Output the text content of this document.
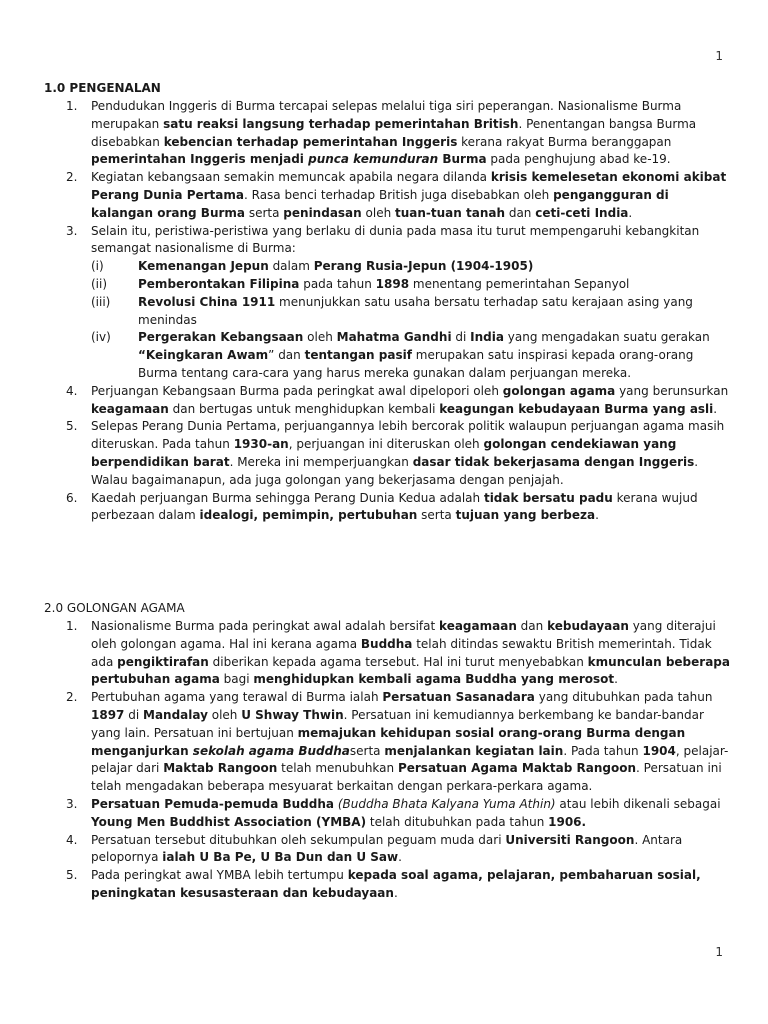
1
1.0 PENGENALAN
1. Pendudukan Inggeris di Burma tercapai selepas melalui tiga siri peperangan. Nasionalisme Burma merupakan satu reaksi langsung terhadap pemerintahan British. Penentangan bangsa Burma disebabkan kebencian terhadap pemerintahan Inggeris kerana rakyat Burma beranggapan pemerintahan Inggeris menjadi punca kemunduran Burma pada penghujung abad ke-19.
2. Kegiatan kebangsaan semakin memuncak apabila negara dilanda krisis kemelesetan ekonomi akibat Perang Dunia Pertama. Rasa benci terhadap British juga disebabkan oleh pengangguran di kalangan orang Burma serta penindasan oleh tuan-tuan tanah dan ceti-ceti India.
3. Selain itu, peristiwa-peristiwa yang berlaku di dunia pada masa itu turut mempengaruhi kebangkitan semangat nasionalisme di Burma:
(i)	Kemenangan Jepun dalam Perang Rusia-Jepun (1904-1905)
(ii)	Pemberontakan Filipina pada tahun 1898 menentang pemerintahan Sepanyol
(iii) Revolusi China 1911 menunjukkan satu usaha bersatu terhadap satu kerajaan asing yang menindas
(iv) Pergerakan Kebangsaan oleh Mahatma Gandhi di India yang mengadakan suatu gerakan “Keingkaran Awam” dan tentangan pasif merupakan satu inspirasi kepada orang-orang Burma tentang cara-cara yang harus mereka gunakan dalam perjuangan mereka.
4. Perjuangan Kebangsaan Burma pada peringkat awal dipelopori oleh golongan agama yang berunsurkan keagamaan dan bertugas untuk menghidupkan kembali keagungan kebudayaan Burma yang asli.
5. Selepas Perang Dunia Pertama, perjuangannya lebih bercorak politik walaupun perjuangan agama masih diteruskan. Pada tahun 1930-an, perjuangan ini diteruskan oleh golongan cendekiawan yang berpendidikan barat. Mereka ini memperjuangkan dasar tidak bekerjasama dengan Inggeris. Walau bagaimanapun, ada juga golongan yang bekerjasama dengan penjajah.
6. Kaedah perjuangan Burma sehingga Perang Dunia Kedua adalah tidak bersatu padu kerana wujud perbezaan dalam idealogi, pemimpin, pertubuhan serta tujuan yang berbeza.
2.0 GOLONGAN AGAMA
1. Nasionalisme Burma pada peringkat awal adalah bersifat keagamaan dan kebudayaan yang diterajui oleh golongan agama. Hal ini kerana agama Buddha telah ditindas sewaktu British memerintah. Tidak ada pengiktirafan diberikan kepada agama tersebut. Hal ini turut menyebabkan kmunculan beberapa pertubuhan agama bagi menghidupkan kembali agama Buddha yang merosot.
2. Pertubuhan agama yang terawal di Burma ialah Persatuan Sasanadara yang ditubuhkan pada tahun 1897 di Mandalay oleh U Shway Thwin. Persatuan ini kemudiannya berkembang ke bandar-bandar yang lain. Persatuan ini bertujuan memajukan kehidupan sosial orang-orang Burma dengan menganjurkan sekolah agama Buddhaserta menjalankan kegiatan lain. Pada tahun 1904, pelajar-pelajar dari Maktab Rangoon telah menubuhkan Persatuan Agama Maktab Rangoon. Persatuan ini telah mengadakan beberapa mesyuarat berkaitan dengan perkara-perkara agama.
3. Persatuan Pemuda-pemuda Buddha (Buddha Bhata Kalyana Yuma Athin) atau lebih dikenali sebagai Young Men Buddhist Association (YMBA) telah ditubuhkan pada tahun 1906.
4. Persatuan tersebut ditubuhkan oleh sekumpulan peguam muda dari Universiti Rangoon. Antara pelopornya ialah U Ba Pe, U Ba Dun dan U Saw.
5. Pada peringkat awal YMBA lebih tertumpu kepada soal agama, pelajaran, pembaharuan sosial, peningkatan kesusasteraan dan kebudayaan.
1
